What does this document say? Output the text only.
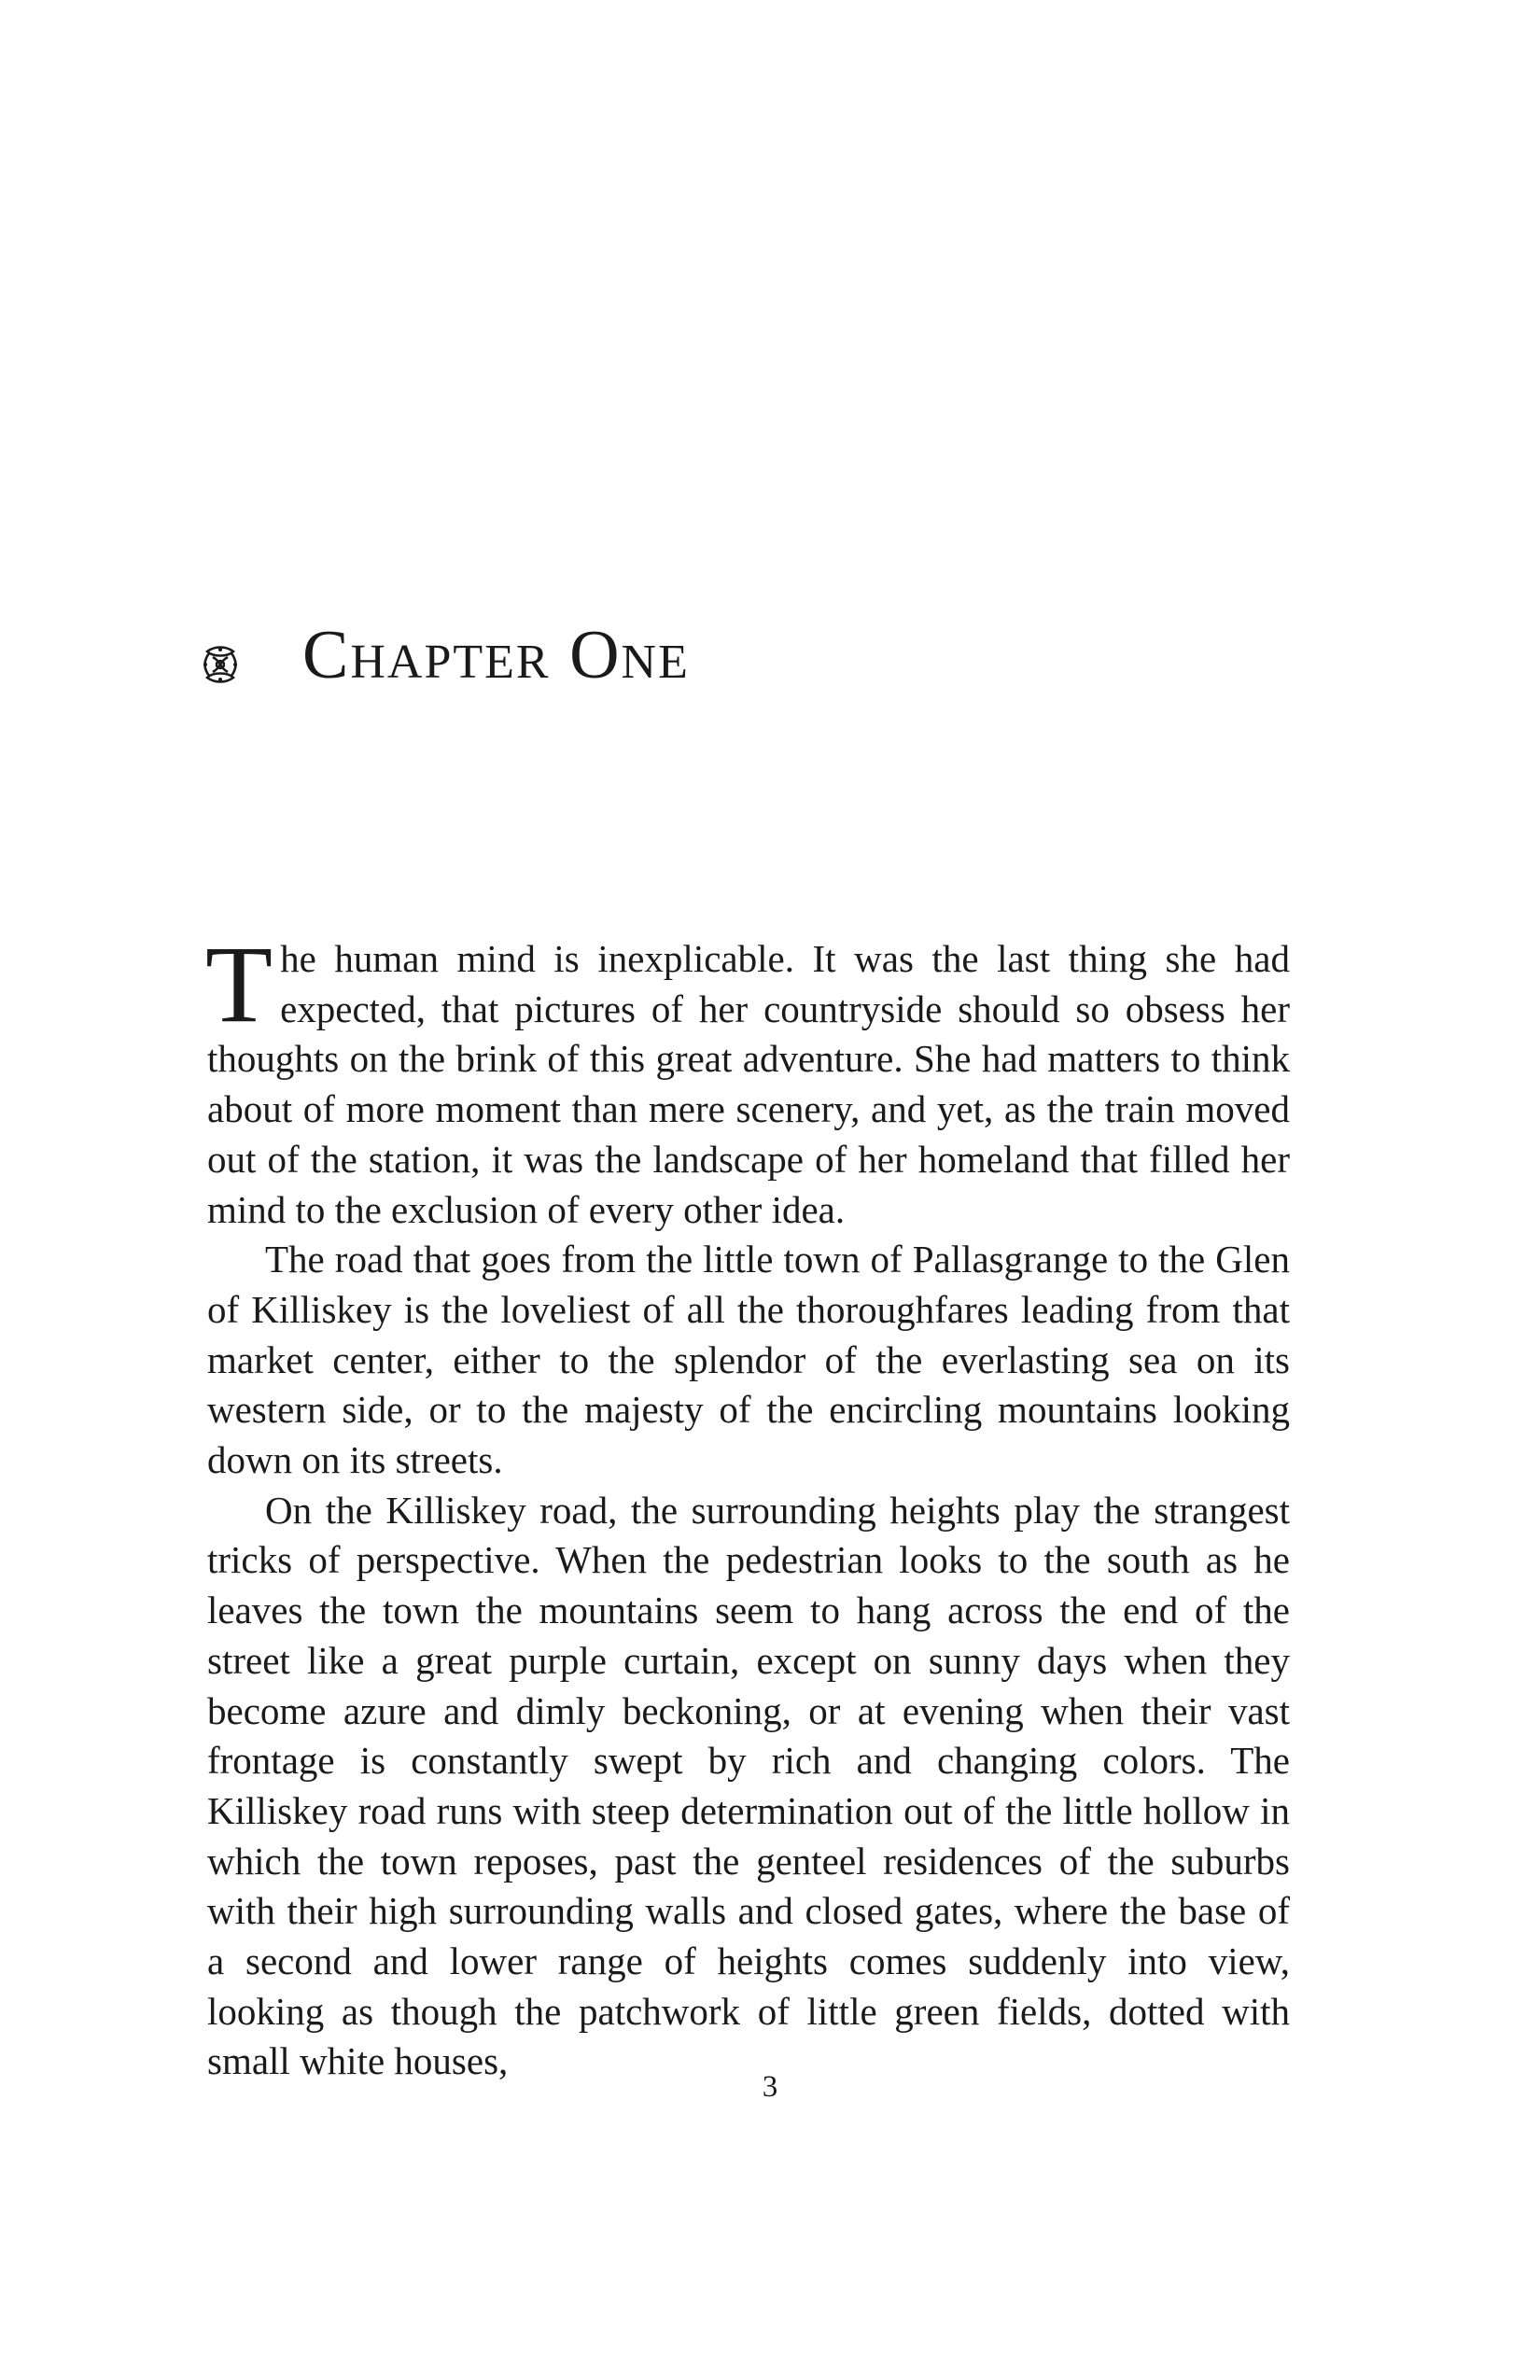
Chapter One

The human mind is inexplicable. It was the last thing she had expected, that pictures of her countryside should so obsess her thoughts on the brink of this great adventure. She had matters to think about of more moment than mere scenery, and yet, as the train moved out of the station, it was the landscape of her homeland that filled her mind to the exclusion of every other idea.

The road that goes from the little town of Pallasgrange to the Glen of Killiskey is the loveliest of all the thoroughfares leading from that market center, either to the splendor of the everlasting sea on its western side, or to the majesty of the encircling mountains looking down on its streets.

On the Killiskey road, the surrounding heights play the strangest tricks of perspective. When the pedestrian looks to the south as he leaves the town the mountains seem to hang across the end of the street like a great purple curtain, except on sunny days when they become azure and dimly beckoning, or at evening when their vast frontage is constantly swept by rich and changing colors. The Killiskey road runs with steep determination out of the little hollow in which the town reposes, past the genteel residences of the suburbs with their high surrounding walls and closed gates, where the base of a second and lower range of heights comes suddenly into view, looking as though the patchwork of little green fields, dotted with small white houses,

3
